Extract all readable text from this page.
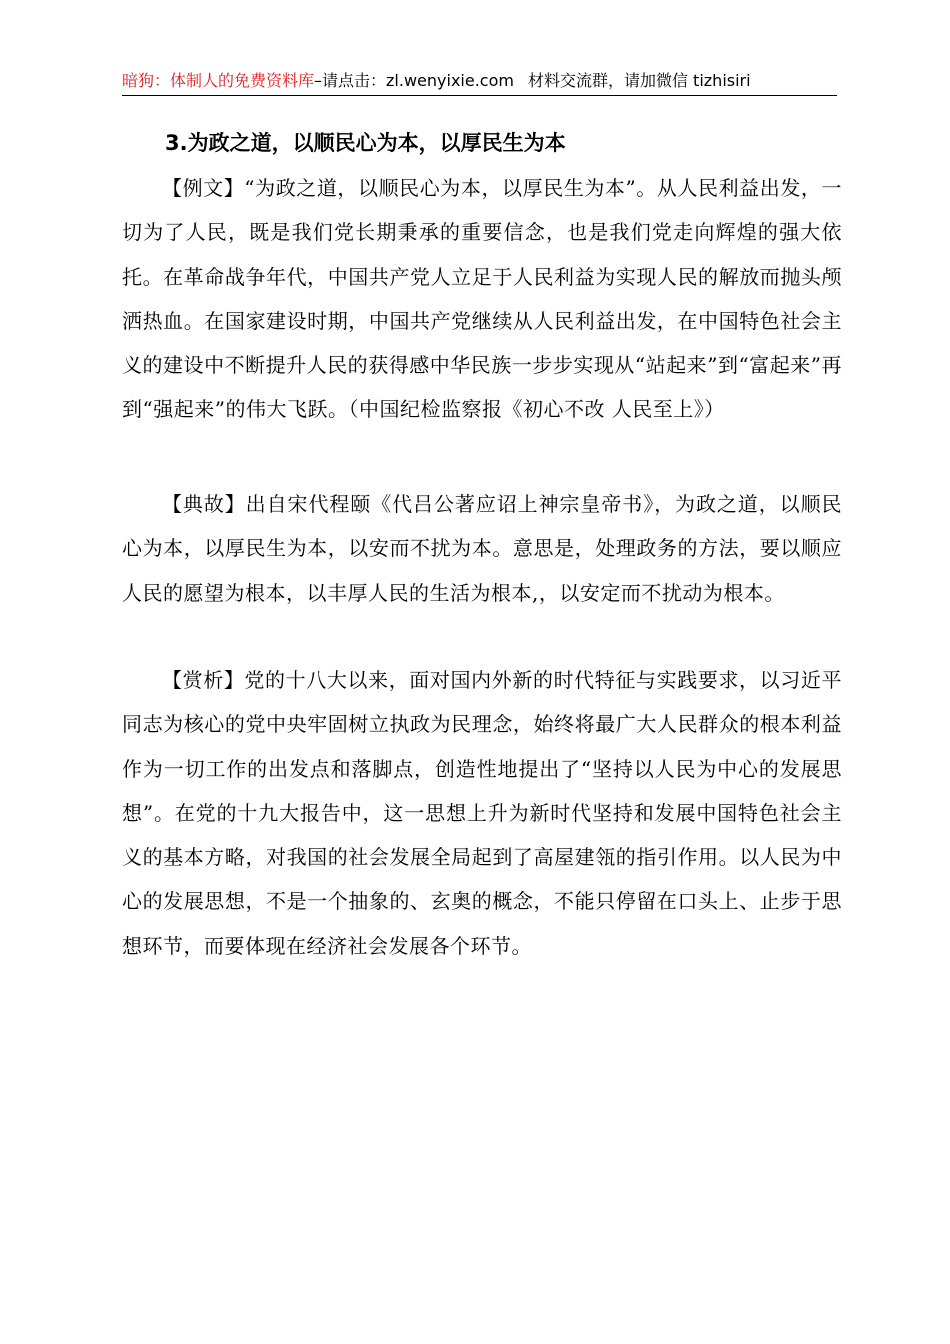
暗狗：体制人的免费资料库–请点击：zl.wenyixie.com 材料交流群，请加微信 tizhisiri
3.为政之道，以顺民心为本，以厚民生为本
【例文】“为政之道，以顺民心为本，以厚民生为本”。从人民利益出发，一切为了人民，既是我们党长期秉承的重要信念，也是我们党走向辉煌的强大依托。在革命战争年代，中国共产党人立足于人民利益为实现人民的解放而抛头颅洒热血。在国家建设时期，中国共产党继续从人民利益出发，在中国特色社会主义的建设中不断提升人民的获得感中华民族一步步实现从“站起来”到“富起来”再到“强起来”的伟大飞跃。（中国纪检监察报《初心不改 人民至上》）
【典故】出自宋代程颐《代吕公著应诏上神宗皇帝书》，为政之道，以顺民心为本，以厚民生为本，以安而不扰为本。意思是，处理政务的方法，要以顺应人民的愿望为根本，以丰厚人民的生活为根本,，以安定而不扰动为根本。
【赏析】党的十八大以来，面对国内外新的时代特征与实践要求，以习近平同志为核心的党中央牢固树立执政为民理念，始终将最广大人民群众的根本利益作为一切工作的出发点和落脚点，创造性地提出了“坚持以人民为中心的发展思想”。在党的十九大报告中，这一思想上升为新时代坚持和发展中国特色社会主义的基本方略，对我国的社会发展全局起到了高屋建瓴的指引作用。以人民为中心的发展思想，不是一个抽象的、玄奥的概念，不能只停留在口头上、止步于思想环节，而要体现在经济社会发展各个环节。
